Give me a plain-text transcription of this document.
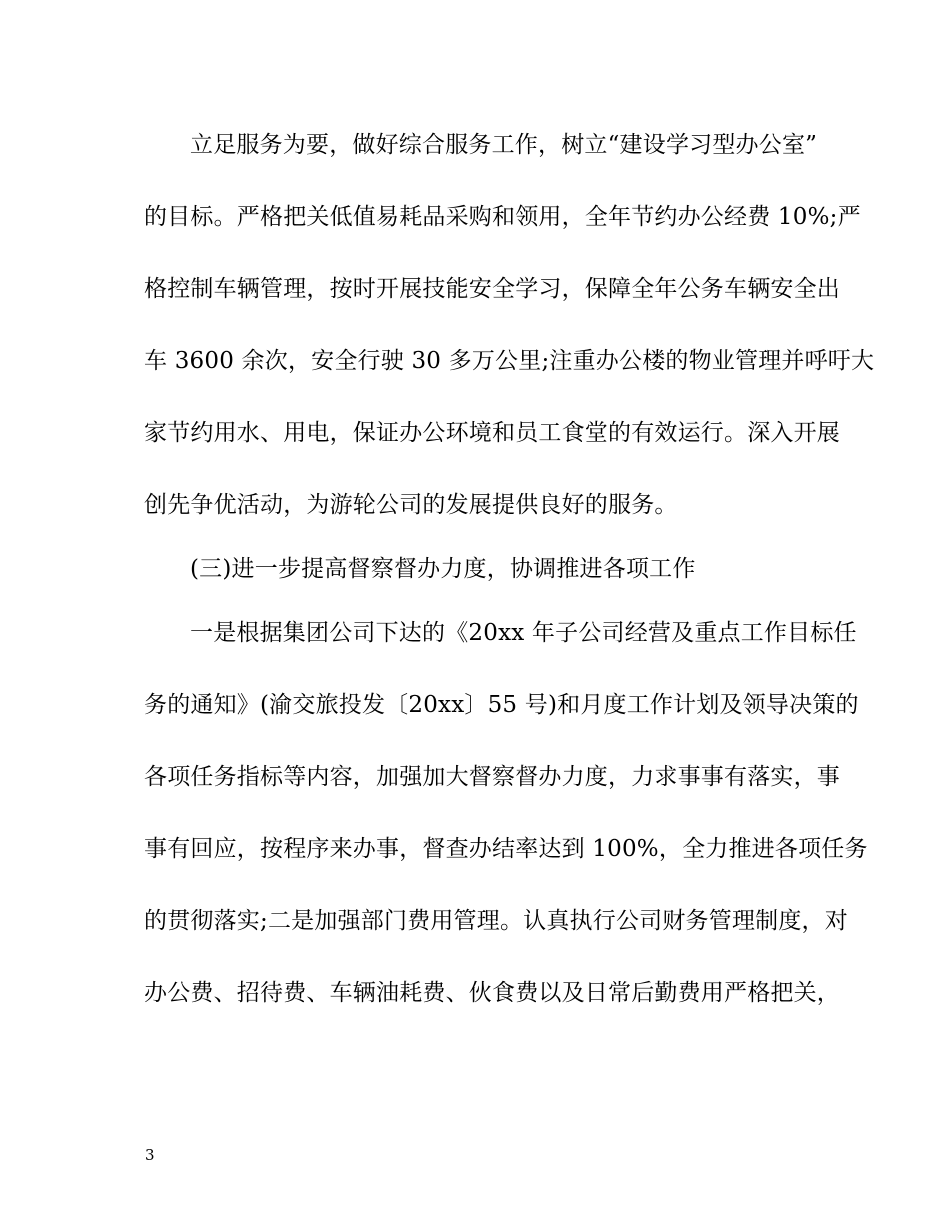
立足服务为要，做好综合服务工作，树立“建设学习型办公室”
的目标。严格把关低值易耗品采购和领用，全年节约办公经费 10%;严
格控制车辆管理，按时开展技能安全学习，保障全年公务车辆安全出
车 3600 余次，安全行驶 30 多万公里;注重办公楼的物业管理并呼吁大
家节约用水、用电，保证办公环境和员工食堂的有效运行。深入开展
创先争优活动，为游轮公司的发展提供良好的服务。
(三)进一步提高督察督办力度，协调推进各项工作
一是根据集团公司下达的《20xx 年子公司经营及重点工作目标任
务的通知》(渝交旅投发〔20xx〕55 号)和月度工作计划及领导决策的
各项任务指标等内容，加强加大督察督办力度，力求事事有落实，事
事有回应，按程序来办事，督查办结率达到 100%，全力推进各项任务
的贯彻落实;二是加强部门费用管理。认真执行公司财务管理制度，对
办公费、招待费、车辆油耗费、伙食费以及日常后勤费用严格把关，
3
